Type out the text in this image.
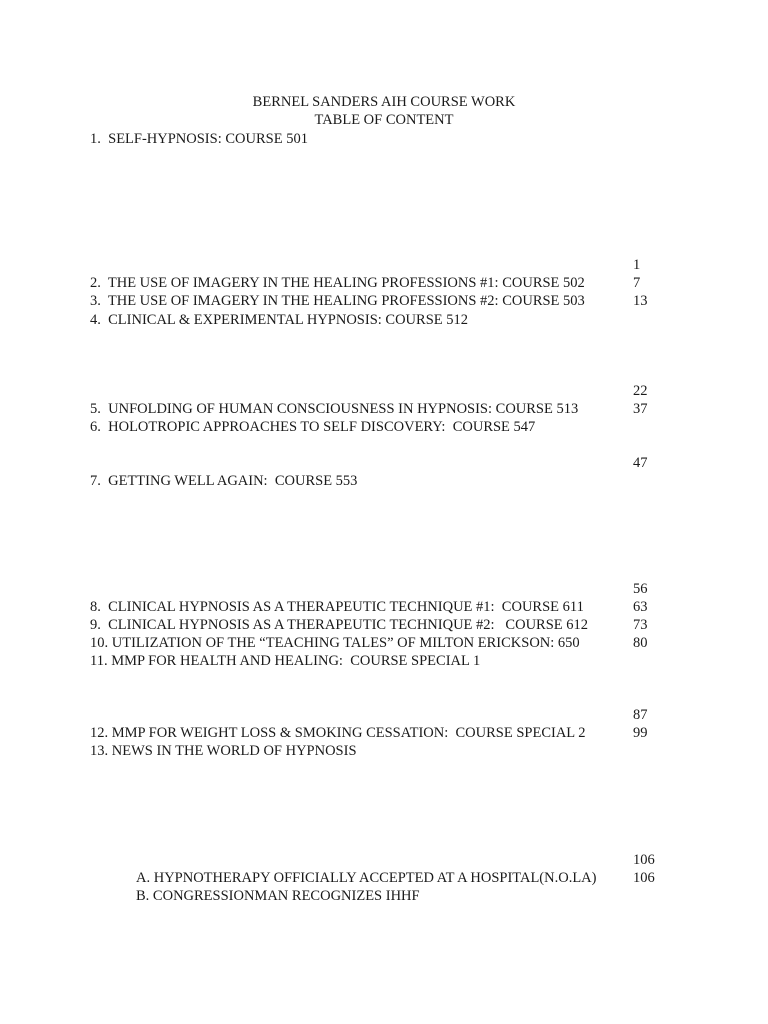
BERNEL SANDERS AIH COURSE WORK
TABLE OF CONTENT
1.  SELF-HYPNOSIS: COURSE 501
2.  THE USE OF IMAGERY IN THE HEALING PROFESSIONS #1: COURSE 502
3.  THE USE OF IMAGERY IN THE HEALING PROFESSIONS #2: COURSE 503
4.  CLINICAL & EXPERIMENTAL HYPNOSIS: COURSE 512
5.  UNFOLDING OF HUMAN CONSCIOUSNESS IN HYPNOSIS: COURSE 513
6.  HOLOTROPIC APPROACHES TO SELF DISCOVERY:  COURSE 547
7.  GETTING WELL AGAIN:  COURSE 553
8.  CLINICAL HYPNOSIS AS A THERAPEUTIC TECHNIQUE #1:  COURSE 611
9.  CLINICAL HYPNOSIS AS A THERAPEUTIC TECHNIQUE #2:   COURSE 612
10. UTILIZATION OF THE “TEACHING TALES” OF MILTON ERICKSON: 650
11. MMP FOR HEALTH AND HEALING:  COURSE SPECIAL 1
12. MMP FOR WEIGHT LOSS & SMOKING CESSATION:  COURSE SPECIAL 2
13. NEWS IN THE WORLD OF HYPNOSIS
A. HYPNOTHERAPY OFFICIALLY ACCEPTED AT A HOSPITAL(N.O.LA)
B. CONGRESSIONMAN RECOGNIZES IHHF
1
7
13
22
37
47
56
63
73
80
87
99
106
106
